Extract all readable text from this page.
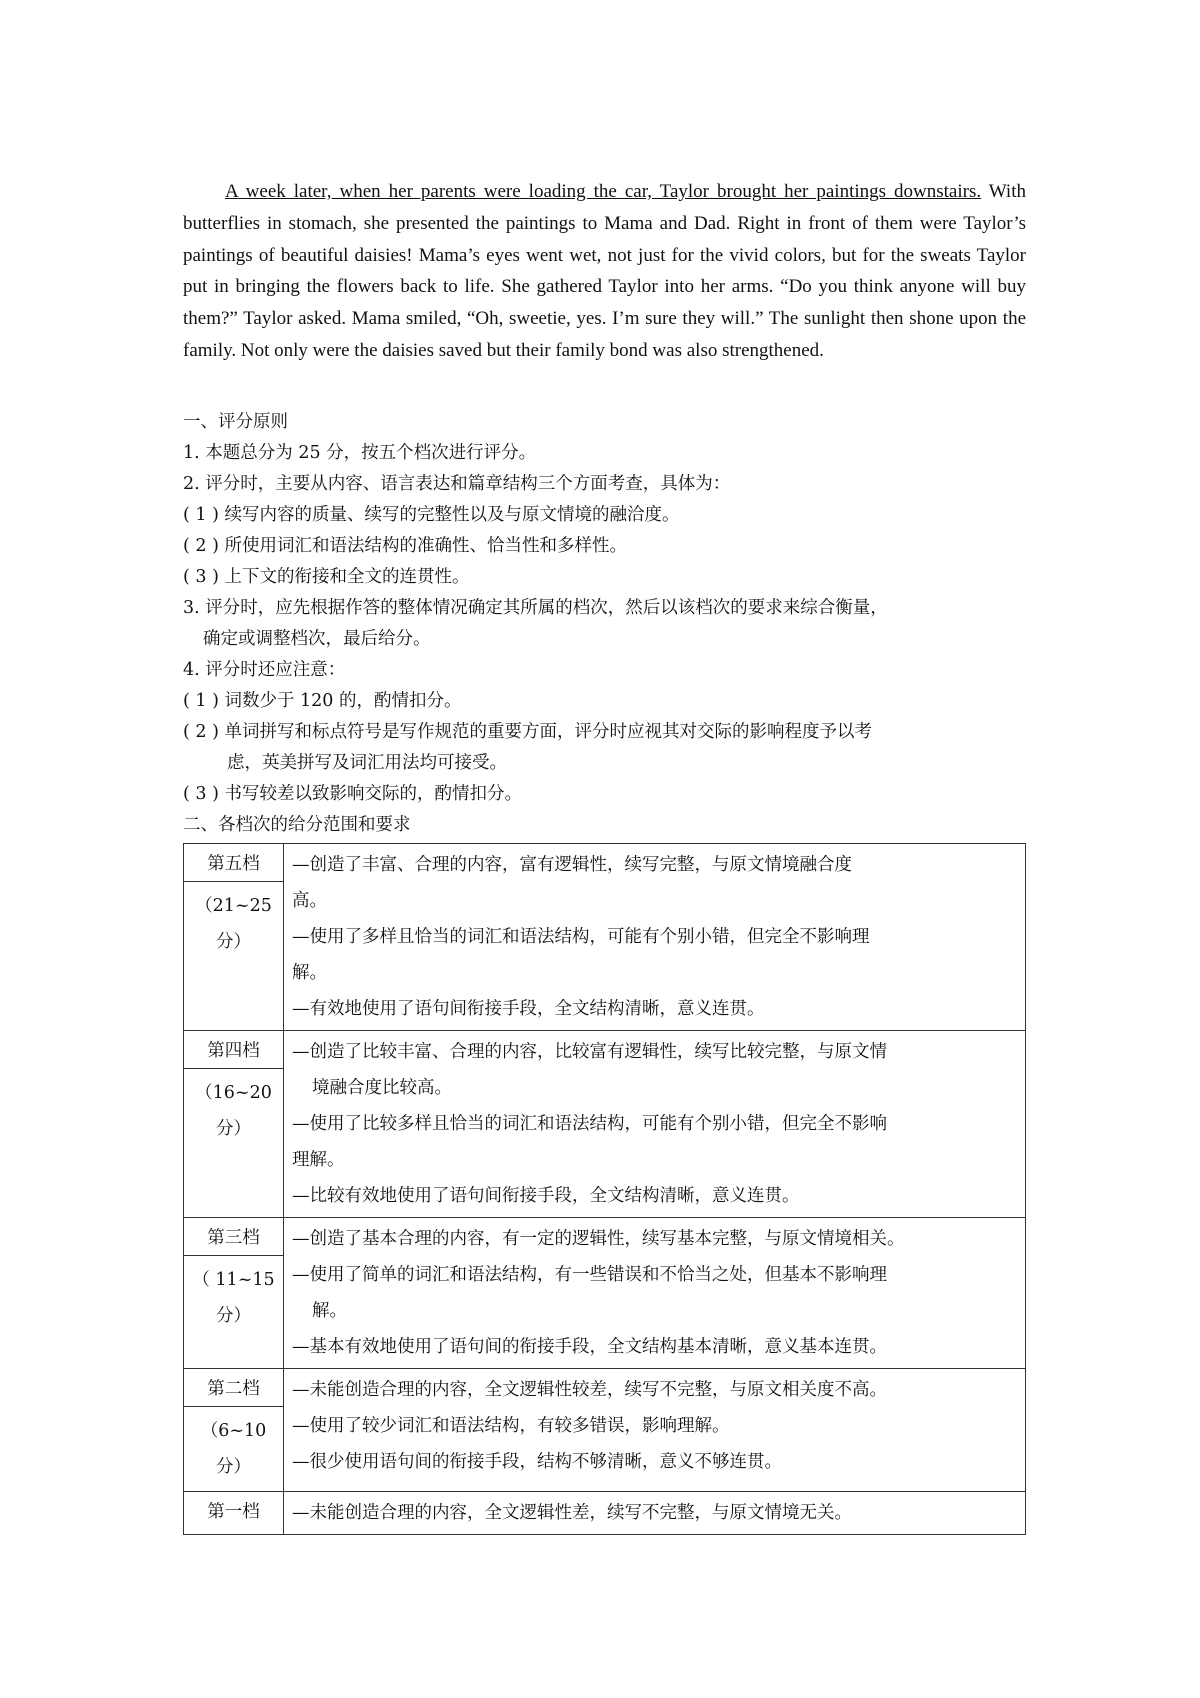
A week later, when her parents were loading the car, Taylor brought her paintings downstairs. With butterflies in stomach, she presented the paintings to Mama and Dad. Right in front of them were Taylor’s paintings of beautiful daisies! Mama’s eyes went wet, not just for the vivid colors, but for the sweats Taylor put in bringing the flowers back to life. She gathered Taylor into her arms. “Do you think anyone will buy them?” Taylor asked. Mama smiled, “Oh, sweetie, yes. I’m sure they will.” The sunlight then shone upon the family. Not only were the daisies saved but their family bond was also strengthened.

一、评分原则
1. 本题总分为 25 分，按五个档次进行评分。
2. 评分时，主要从内容、语言表达和篇章结构三个方面考查，具体为：
( 1 ) 续写内容的质量、续写的完整性以及与原文情境的融洽度。
( 2 ) 所使用词汇和语法结构的准确性、恰当性和多样性。
( 3 ) 上下文的衔接和全文的连贯性。
3. 评分时，应先根据作答的整体情况确定其所属的档次，然后以该档次的要求来综合衡量，
确定或调整档次，最后给分。
4. 评分时还应注意：
( 1 ) 词数少于 120 的，酌情扣分。
( 2 ) 单词拼写和标点符号是写作规范的重要方面，评分时应视其对交际的影响程度予以考
虑，英美拼写及词汇用法均可接受。
( 3 ) 书写较差以致影响交际的，酌情扣分。
二、各档次的给分范围和要求
第五档
（21~25
分）	—创造了丰富、合理的内容，富有逻辑性，续写完整，与原文情境融合度
高。
—使用了多样且恰当的词汇和语法结构，可能有个别小错，但完全不影响理
解。
—有效地使用了语句间衔接手段，全文结构清晰，意义连贯。

第四档
（16~20
分）	—创造了比较丰富、合理的内容，比较富有逻辑性，续写比较完整，与原文情
境融合度比较高。
—使用了比较多样且恰当的词汇和语法结构，可能有个别小错，但完全不影响
理解。
—比较有效地使用了语句间衔接手段，全文结构清晰，意义连贯。

第三档
（ 11~15
分）	—创造了基本合理的内容，有一定的逻辑性，续写基本完整，与原文情境相关。
—使用了简单的词汇和语法结构，有一些错误和不恰当之处，但基本不影响理
解。
—基本有效地使用了语句间的衔接手段，全文结构基本清晰，意义基本连贯。

第二档
（6~10
分）	—未能创造合理的内容，全文逻辑性较差，续写不完整，与原文相关度不高。
—使用了较少词汇和语法结构，有较多错误，影响理解。
—很少使用语句间的衔接手段，结构不够清晰，意义不够连贯。

第一档	—未能创造合理的内容，全文逻辑性差，续写不完整，与原文情境无关。
